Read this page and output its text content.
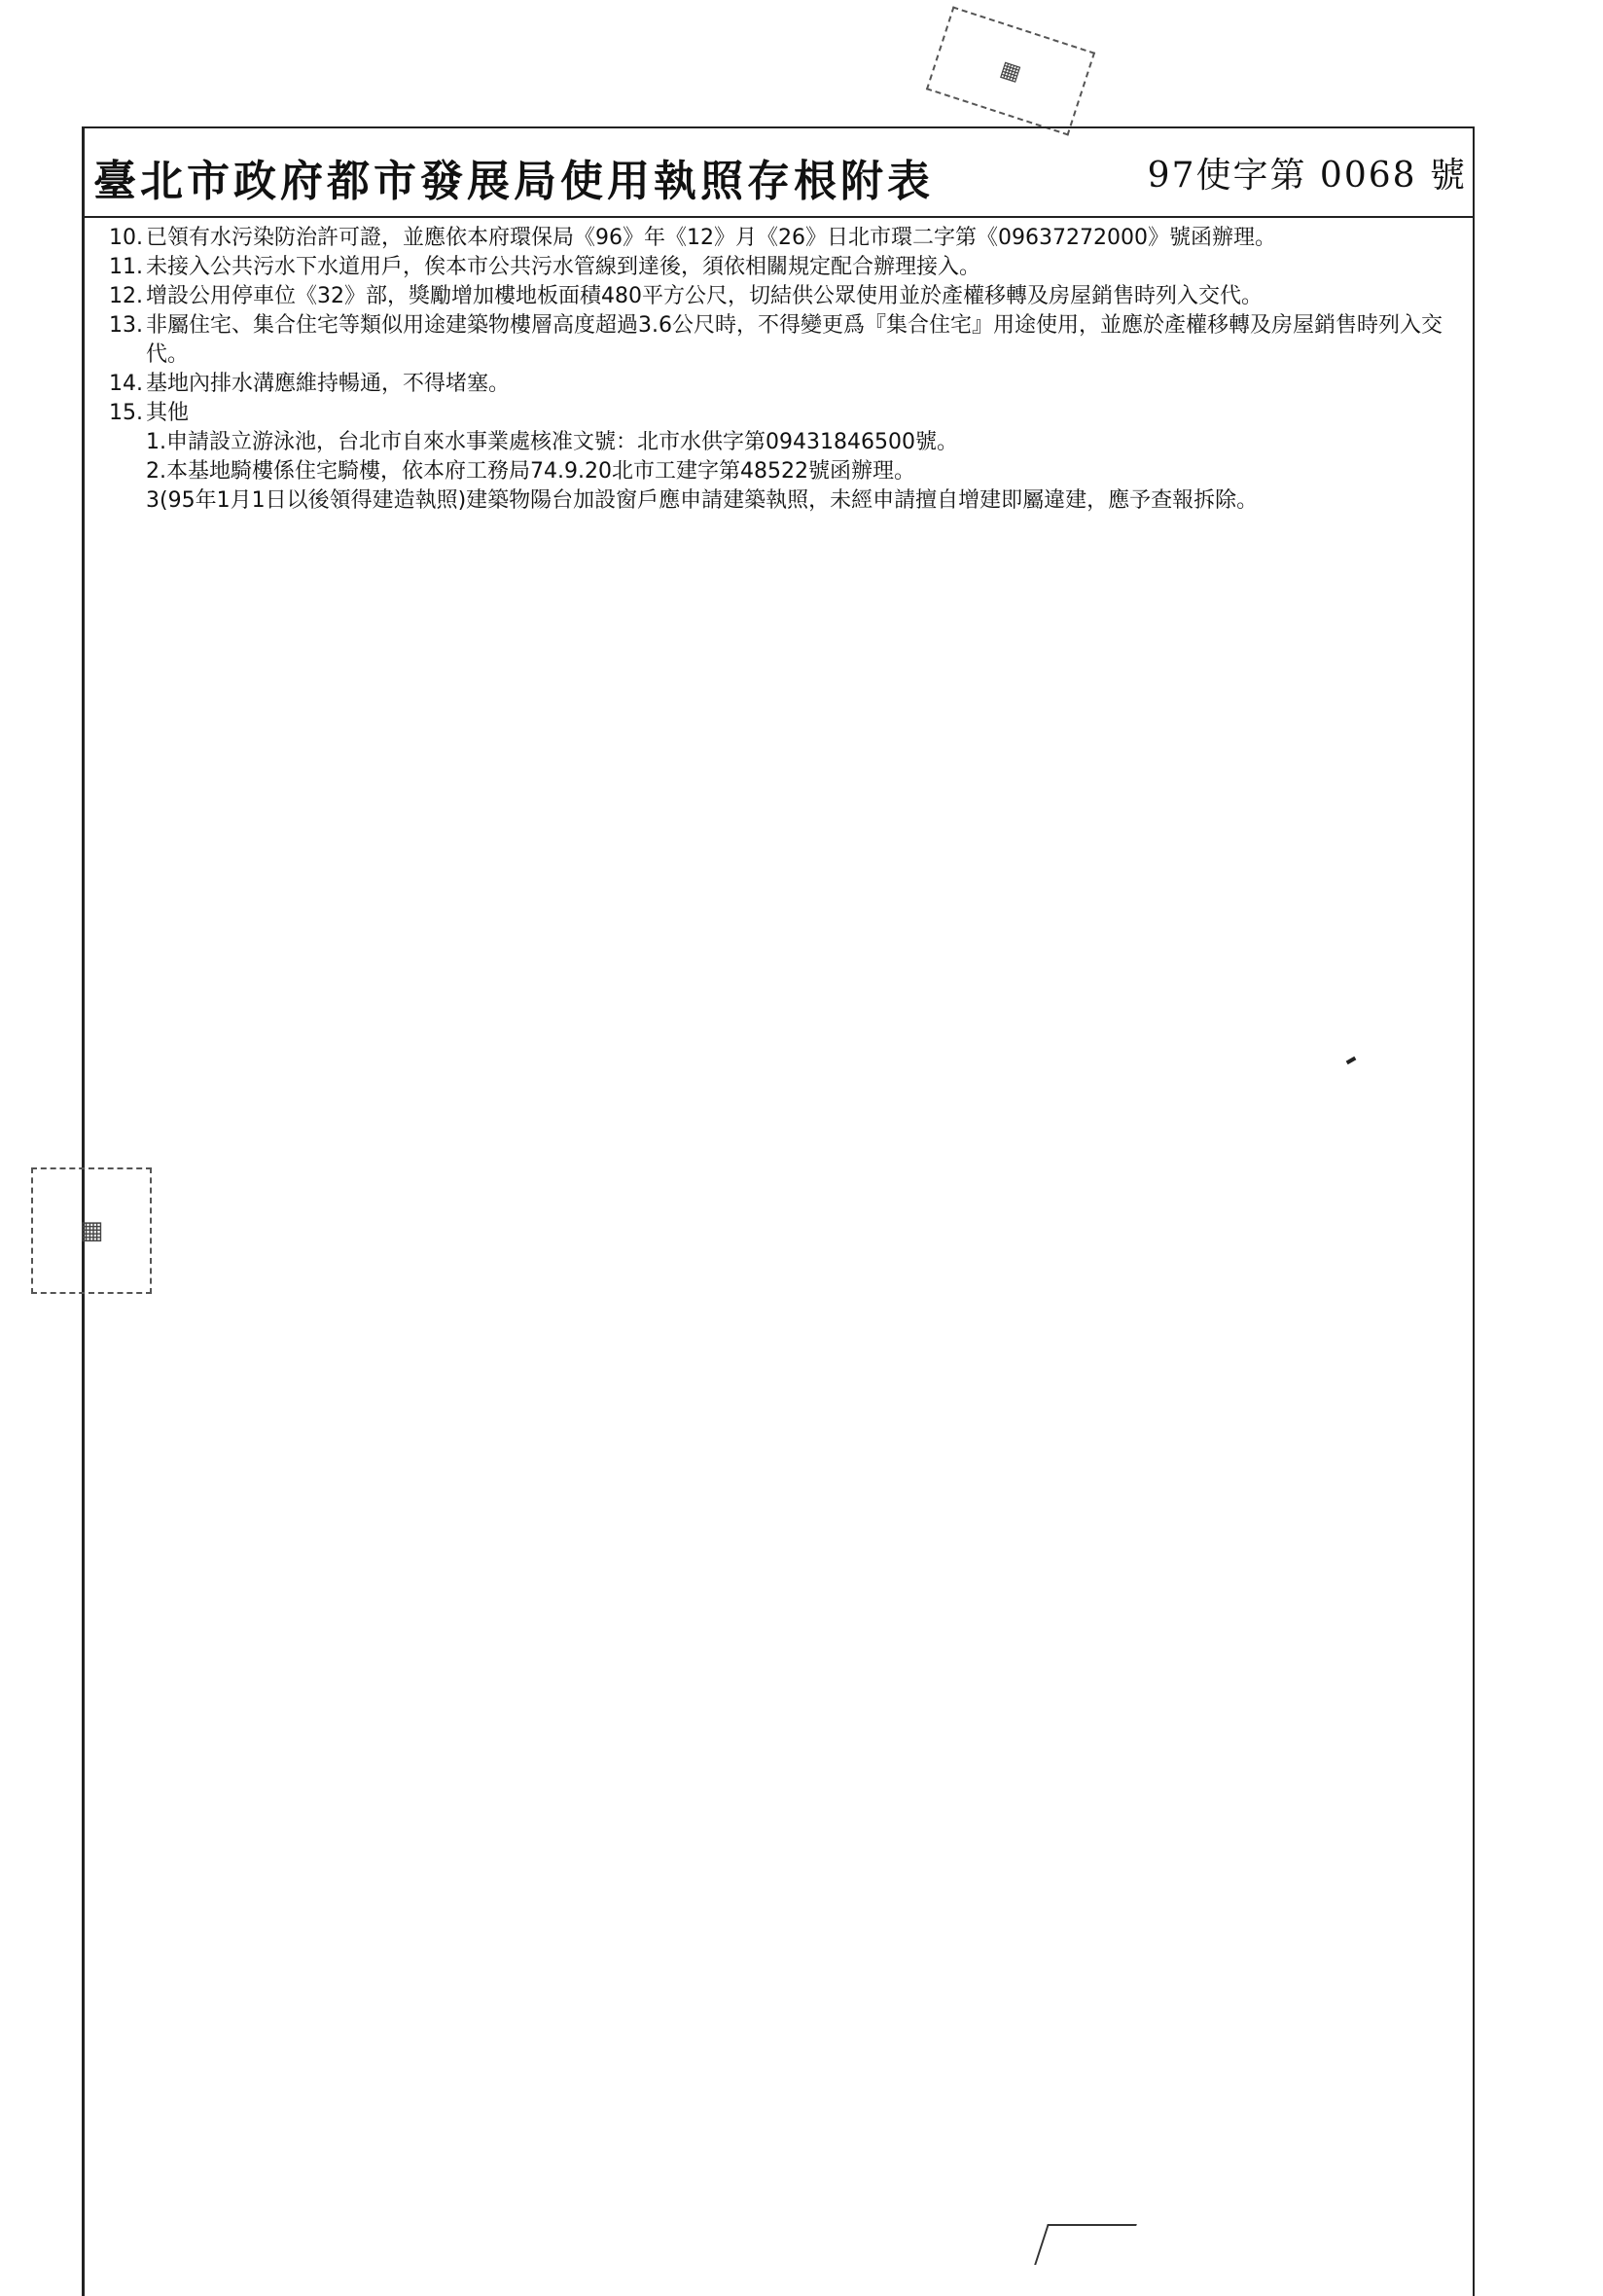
▦
臺北市政府都市發展局使用執照存根附表	97使字第 0068 號
10. 已領有水污染防治許可證，並應依本府環保局《96》年《12》月《26》日北市環二字第《09637272000》號函辦理。
11. 未接入公共污水下水道用戶，俟本市公共污水管線到達後，須依相關規定配合辦理接入。
12. 增設公用停車位《32》部，獎勵增加樓地板面積480平方公尺，切結供公眾使用並於產權移轉及房屋銷售時列入交代。
13. 非屬住宅、集合住宅等類似用途建築物樓層高度超過3.6公尺時，不得變更爲『集合住宅』用途使用，並應於產權移轉及房屋銷售時列入交代。
14. 基地內排水溝應維持暢通，不得堵塞。
15. 其他

1.申請設立游泳池，台北市自來水事業處核准文號：北市水供字第09431846500號。

2.本基地騎樓係住宅騎樓，依本府工務局74.9.20北市工建字第48522號函辦理。

3(95年1月1日以後領得建造執照)建築物陽台加設窗戶應申請建築執照，未經申請擅自增建即屬違建，應予查報拆除。

▦
